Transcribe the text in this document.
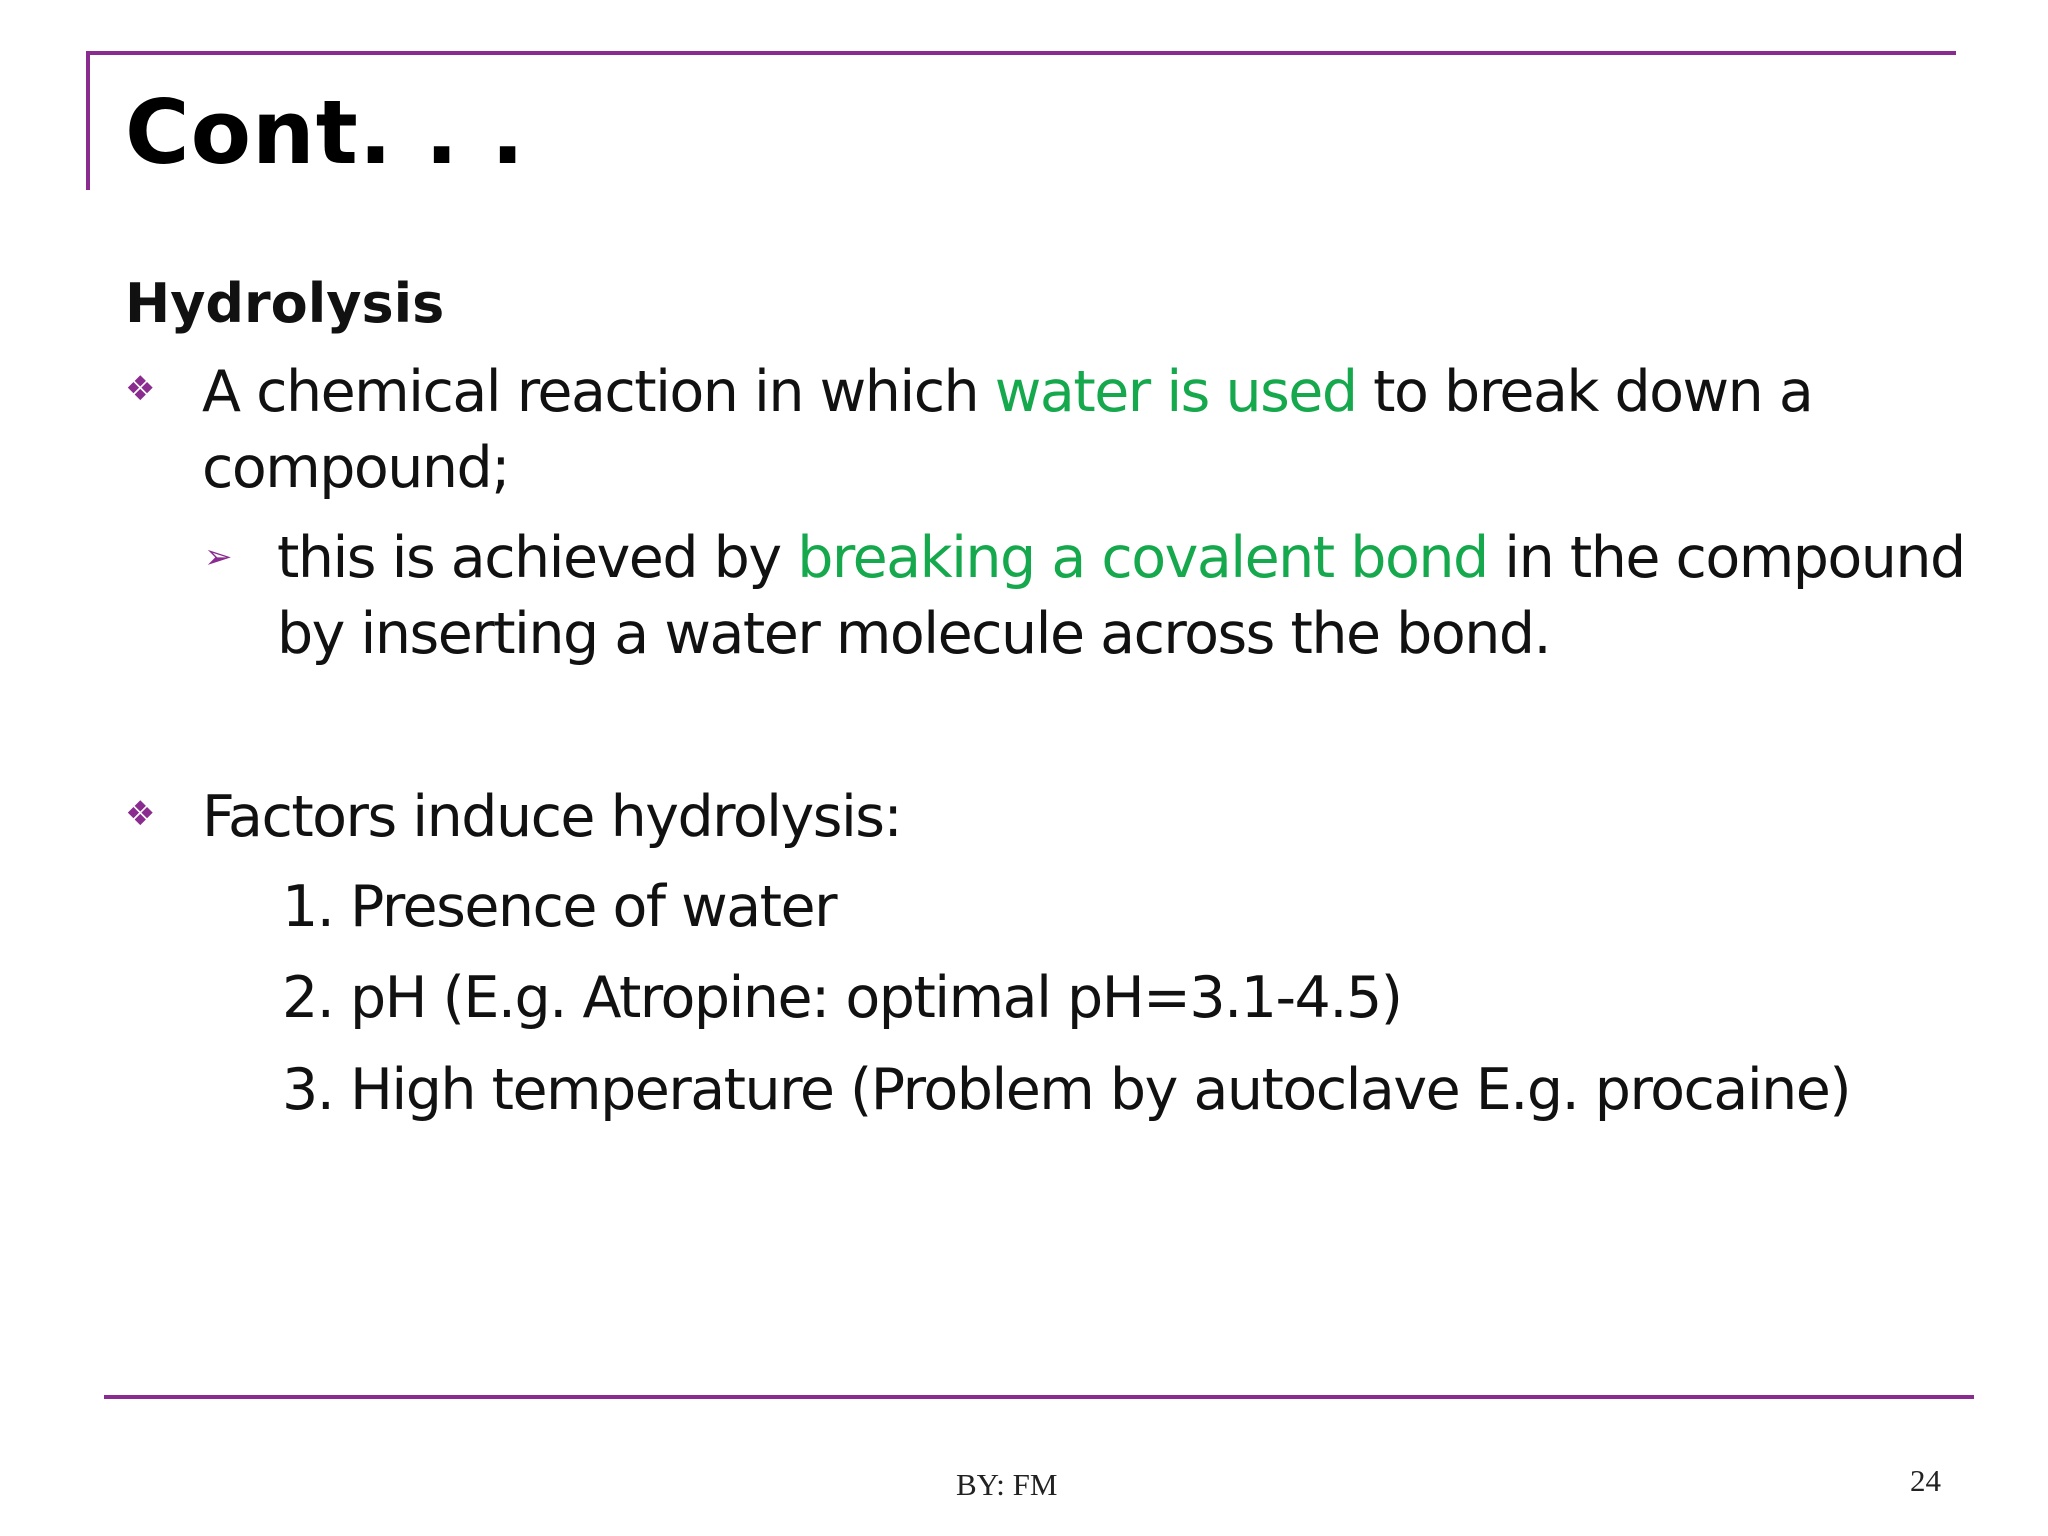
Cont. . .
Hydrolysis
❖ A chemical reaction in which water is used to break down a
compound;
➢ this is achieved by breaking a covalent bond in the compound
by inserting a water molecule across the bond.
❖ Factors induce hydrolysis:
1. Presence of water
2. pH (E.g. Atropine: optimal pH=3.1-4.5)
3. High temperature (Problem by autoclave E.g. procaine)
BY: FM	24
